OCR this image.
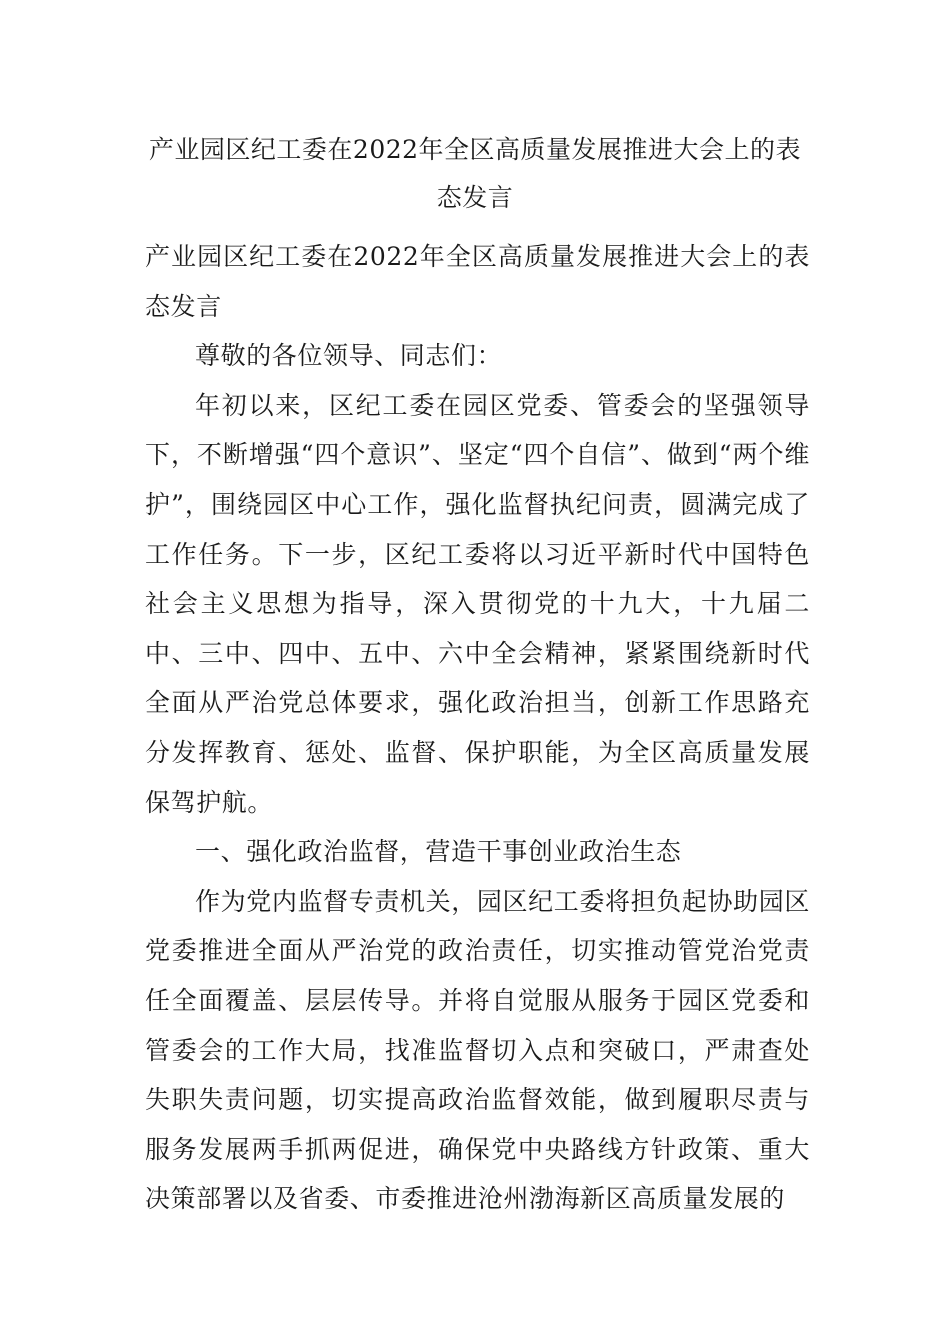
产业园区纪工委在2022年全区高质量发展推进大会上的表态发言

产业园区纪工委在2022年全区高质量发展推进大会上的表态发言

尊敬的各位领导、同志们：

年初以来，区纪工委在园区党委、管委会的坚强领导下，不断增强“四个意识”、坚定“四个自信”、做到“两个维护”，围绕园区中心工作，强化监督执纪问责，圆满完成了工作任务。下一步，区纪工委将以习近平新时代中国特色社会主义思想为指导，深入贯彻党的十九大，十九届二中、三中、四中、五中、六中全会精神，紧紧围绕新时代全面从严治党总体要求，强化政治担当，创新工作思路充分发挥教育、惩处、监督、保护职能，为全区高质量发展保驾护航。

一、强化政治监督，营造干事创业政治生态

作为党内监督专责机关，园区纪工委将担负起协助园区党委推进全面从严治党的政治责任，切实推动管党治党责任全面覆盖、层层传导。并将自觉服从服务于园区党委和管委会的工作大局，找准监督切入点和突破口，严肃查处失职失责问题，切实提高政治监督效能，做到履职尽责与服务发展两手抓两促进，确保党中央路线方针政策、重大决策部署以及省委、市委推进沧州渤海新区高质量发展的
